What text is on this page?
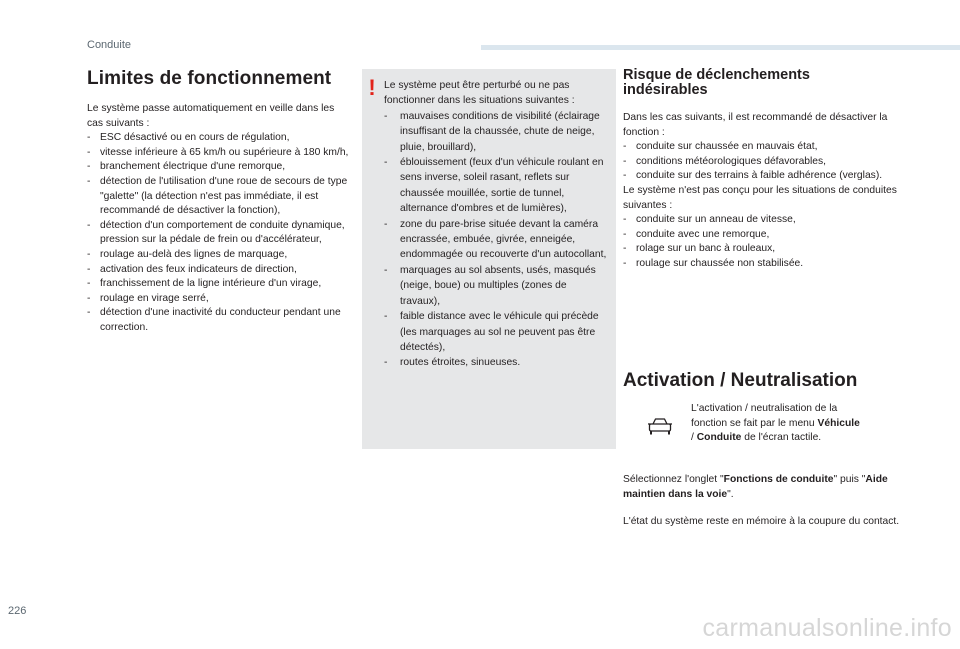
Conduite
Limites de fonctionnement

Le système passe automatiquement en veille dans les cas suivants :

- ESC désactivé ou en cours de régulation,
- vitesse inférieure à 65 km/h ou supérieure à 180 km/h,
- branchement électrique d'une remorque,
- détection de l'utilisation d'une roue de secours de type "galette" (la détection n'est pas immédiate, il est recommandé de désactiver la fonction),
- détection d'un comportement de conduite dynamique, pression sur la pédale de frein ou d'accélérateur,
- roulage au-delà des lignes de marquage,
- activation des feux indicateurs de direction,
- franchissement de la ligne intérieure d'un virage,
- roulage en virage serré,
- détection d'une inactivité du conducteur pendant une correction.
! Le système peut être perturbé ou ne pas fonctionner dans les situations suivantes :
-	mauvaises conditions de visibilité (éclairage insuffisant de la chaussée, chute de neige, pluie, brouillard),
-	éblouissement (feux d'un véhicule roulant en sens inverse, soleil rasant, reflets sur chaussée mouillée, sortie de tunnel, alternance d'ombres et de lumières),
-	zone du pare-brise située devant la caméra encrassée, embuée, givrée, enneigée, endommagée ou recouverte d'un autocollant,
-	marquages au sol absents, usés, masqués (neige, boue) ou multiples (zones de travaux),
-	faible distance avec le véhicule qui précède (les marquages au sol ne peuvent pas être détectés),
-	routes étroites, sinueuses.
Risque de déclenchements indésirables

Dans les cas suivants, il est recommandé de désactiver la fonction :

- conduite sur chaussée en mauvais état,
- conditions météorologiques défavorables,
- conduite sur des terrains à faible adhérence (verglas).

Le système n'est pas conçu pour les situations de conduites suivantes :

- conduite sur un anneau de vitesse,
- conduite avec une remorque,
- rolage sur un banc à rouleaux,
- roulage sur chaussée non stabilisée.
Activation / Neutralisation
L'activation / neutralisation de la fonction se fait par le menu Véhicule / Conduite de l'écran tactile.
Sélectionnez l'onglet "Fonctions de conduite" puis "Aide maintien dans la voie".
L'état du système reste en mémoire à la coupure du contact.
226
carmanualsonline.info
